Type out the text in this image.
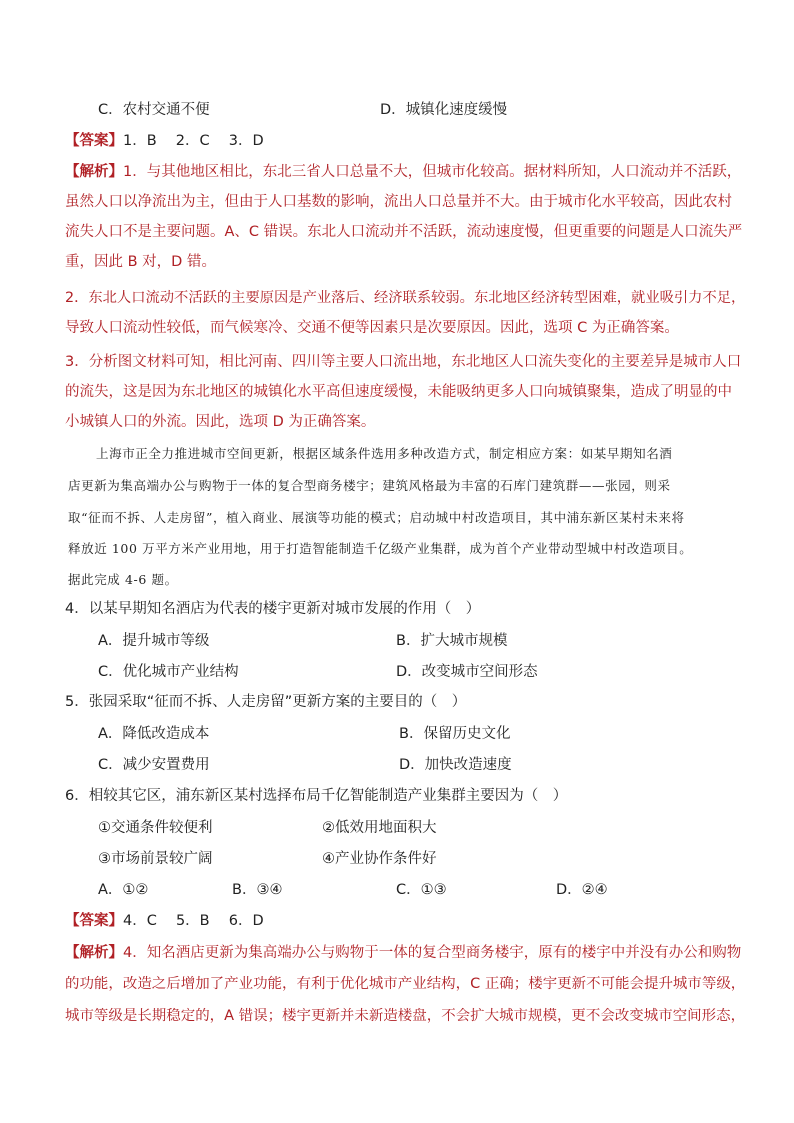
C．农村交通不便	D．城镇化速度缓慢
【答案】1．B　 2．C　 3．D
【解析】1．与其他地区相比，东北三省人口总量不大，但城市化较高。据材料所知，人口流动并不活跃，
虽然人口以净流出为主，但由于人口基数的影响，流出人口总量并不大。由于城市化水平较高，因此农村
流失人口不是主要问题。A、C 错误。东北人口流动并不活跃，流动速度慢，但更重要的问题是人口流失严
重，因此 B 对，D 错。
2．东北人口流动不活跃的主要原因是产业落后、经济联系较弱。东北地区经济转型困难，就业吸引力不足，
导致人口流动性较低，而气候寒冷、交通不便等因素只是次要原因。因此，选项 C 为正确答案。
3．分析图文材料可知，相比河南、四川等主要人口流出地，东北地区人口流失变化的主要差异是城市人口
的流失，这是因为东北地区的城镇化水平高但速度缓慢，未能吸纳更多人口向城镇聚集，造成了明显的中
小城镇人口的外流。因此，选项 D 为正确答案。
上海市正全力推进城市空间更新，根据区域条件选用多种改造方式，制定相应方案：如某早期知名酒
店更新为集高端办公与购物于一体的复合型商务楼宇；建筑风格最为丰富的石库门建筑群——张园，则采
取“征而不拆、人走房留”，植入商业、展演等功能的模式；启动城中村改造项目，其中浦东新区某村未来将
释放近 100 万平方米产业用地，用于打造智能制造千亿级产业集群，成为首个产业带动型城中村改造项目。
据此完成 4-6 题。
4．以某早期知名酒店为代表的楼宇更新对城市发展的作用（　）
A．提升城市等级	B．扩大城市规模
C．优化城市产业结构	D．改变城市空间形态
5．张园采取“征而不拆、人走房留”更新方案的主要目的（　）
A．降低改造成本	B．保留历史文化
C．减少安置费用	D．加快改造速度
6．相较其它区，浦东新区某村选择布局千亿智能制造产业集群主要因为（　）
①交通条件较便利	②低效用地面积大
③市场前景较广阔	④产业协作条件好
A．①②	B．③④	C．①③	D．②④
【答案】4．C　 5．B　 6．D
【解析】4．知名酒店更新为集高端办公与购物于一体的复合型商务楼宇，原有的楼宇中并没有办公和购物
的功能，改造之后增加了产业功能，有利于优化城市产业结构，C 正确；楼宇更新不可能会提升城市等级，
城市等级是长期稳定的，A 错误；楼宇更新并未新造楼盘，不会扩大城市规模，更不会改变城市空间形态，
